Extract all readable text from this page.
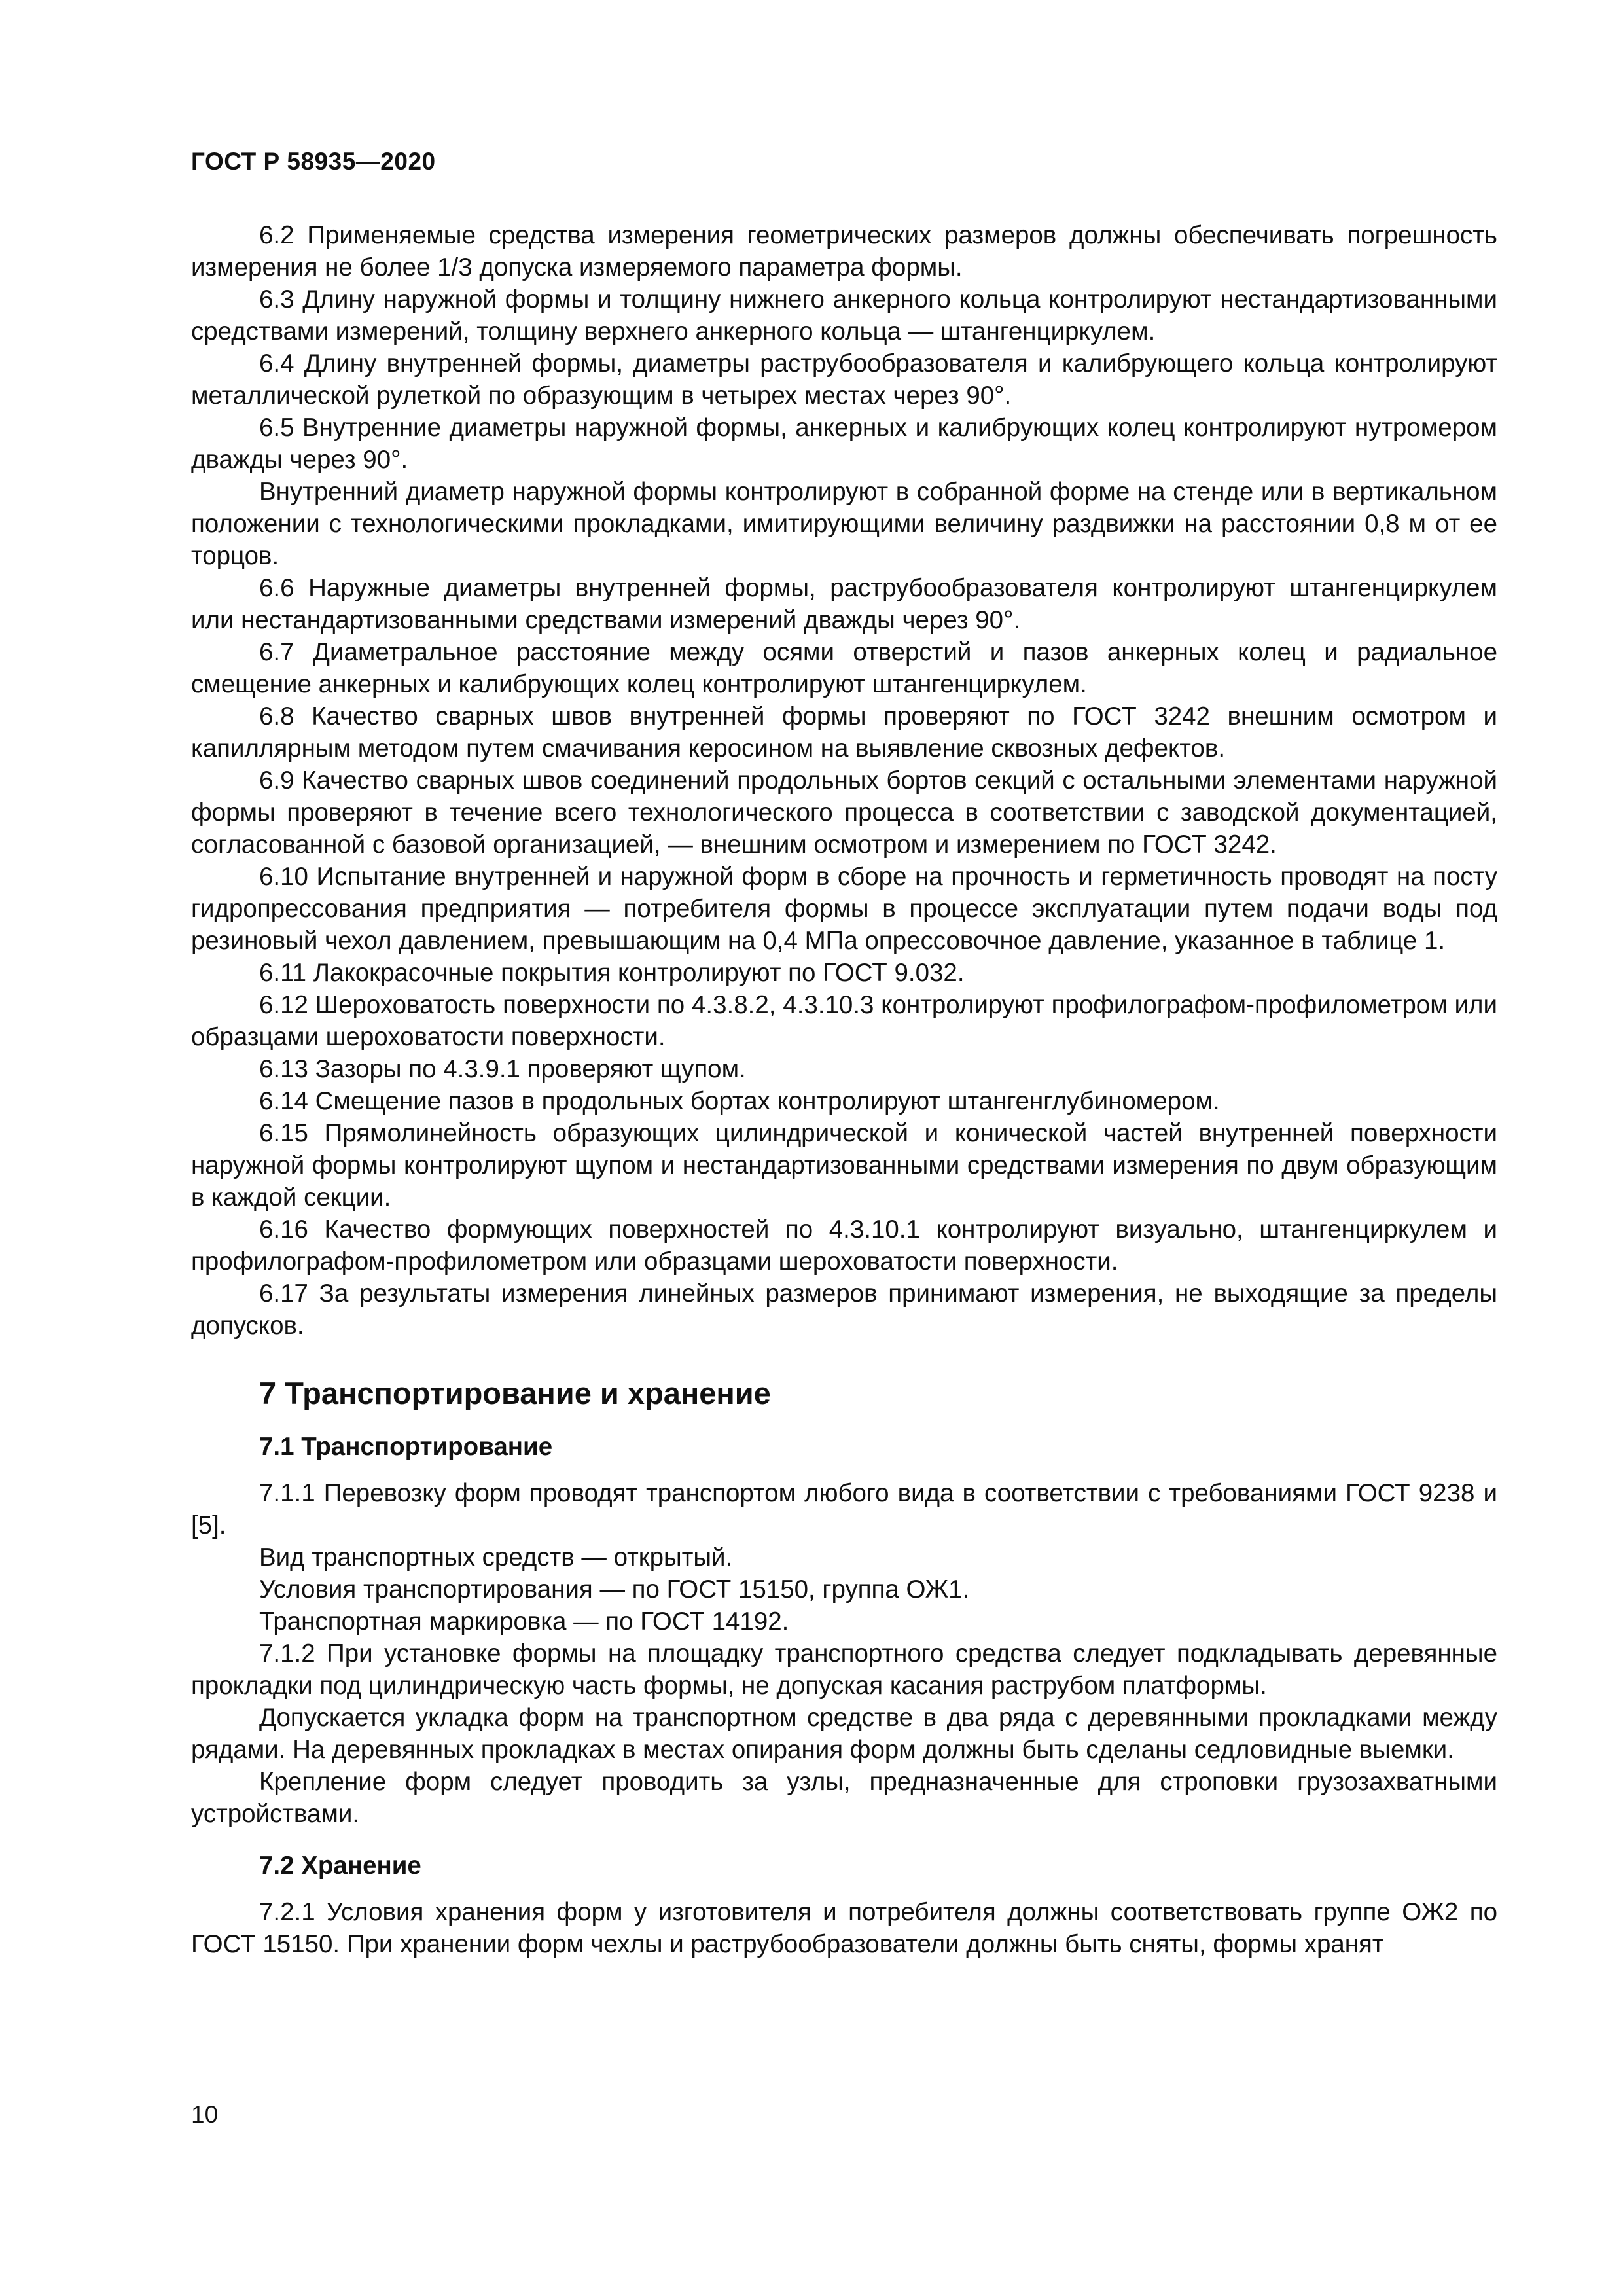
ГОСТ Р 58935—2020

6.2 Применяемые средства измерения геометрических размеров должны обеспечивать погрешность измерения не более 1/3 допуска измеряемого параметра формы.

6.3 Длину наружной формы и толщину нижнего анкерного кольца контролируют нестандартизованными средствами измерений, толщину верхнего анкерного кольца — штангенциркулем.

6.4 Длину внутренней формы, диаметры раструбообразователя и калибрующего кольца контролируют металлической рулеткой по образующим в четырех местах через 90°.

6.5 Внутренние диаметры наружной формы, анкерных и калибрующих колец контролируют нутромером дважды через 90°.

Внутренний диаметр наружной формы контролируют в собранной форме на стенде или в вертикальном положении с технологическими прокладками, имитирующими величину раздвижки на расстоянии 0,8 м от ее торцов.

6.6 Наружные диаметры внутренней формы, раструбообразователя контролируют штангенциркулем или нестандартизованными средствами измерений дважды через 90°.

6.7 Диаметральное расстояние между осями отверстий и пазов анкерных колец и радиальное смещение анкерных и калибрующих колец контролируют штангенциркулем.

6.8 Качество сварных швов внутренней формы проверяют по ГОСТ 3242 внешним осмотром и капиллярным методом путем смачивания керосином на выявление сквозных дефектов.

6.9 Качество сварных швов соединений продольных бортов секций с остальными элементами наружной формы проверяют в течение всего технологического процесса в соответствии с заводской документацией, согласованной с базовой организацией, — внешним осмотром и измерением по ГОСТ 3242.

6.10 Испытание внутренней и наружной форм в сборе на прочность и герметичность проводят на посту гидропрессования предприятия — потребителя формы в процессе эксплуатации путем подачи воды под резиновый чехол давлением, превышающим на 0,4 МПа опрессовочное давление, указанное в таблице 1.

6.11 Лакокрасочные покрытия контролируют по ГОСТ 9.032.

6.12 Шероховатость поверхности по 4.3.8.2, 4.3.10.3 контролируют профилографом-профилометром или образцами шероховатости поверхности.

6.13 Зазоры по 4.3.9.1 проверяют щупом.

6.14 Смещение пазов в продольных бортах контролируют штангенглубиномером.

6.15 Прямолинейность образующих цилиндрической и конической частей внутренней поверхности наружной формы контролируют щупом и нестандартизованными средствами измерения по двум образующим в каждой секции.

6.16 Качество формующих поверхностей по 4.3.10.1 контролируют визуально, штангенциркулем и профилографом-профилометром или образцами шероховатости поверхности.

6.17 За результаты измерения линейных размеров принимают измерения, не выходящие за пределы допусков.

7 Транспортирование и хранение
7.1 Транспортирование

7.1.1 Перевозку форм проводят транспортом любого вида в соответствии с требованиями ГОСТ 9238 и [5].

Вид транспортных средств — открытый.

Условия транспортирования — по ГОСТ 15150, группа ОЖ1.

Транспортная маркировка — по ГОСТ 14192.

7.1.2 При установке формы на площадку транспортного средства следует подкладывать деревянные прокладки под цилиндрическую часть формы, не допуская касания раструбом платформы.

Допускается укладка форм на транспортном средстве в два ряда с деревянными прокладками между рядами. На деревянных прокладках в местах опирания форм должны быть сделаны седловидные выемки.

Крепление форм следует проводить за узлы, предназначенные для строповки грузозахватными устройствами.

7.2 Хранение

7.2.1 Условия хранения форм у изготовителя и потребителя должны соответствовать группе ОЖ2 по ГОСТ 15150. При хранении форм чехлы и раструбообразователи должны быть сняты, формы хранят

10
